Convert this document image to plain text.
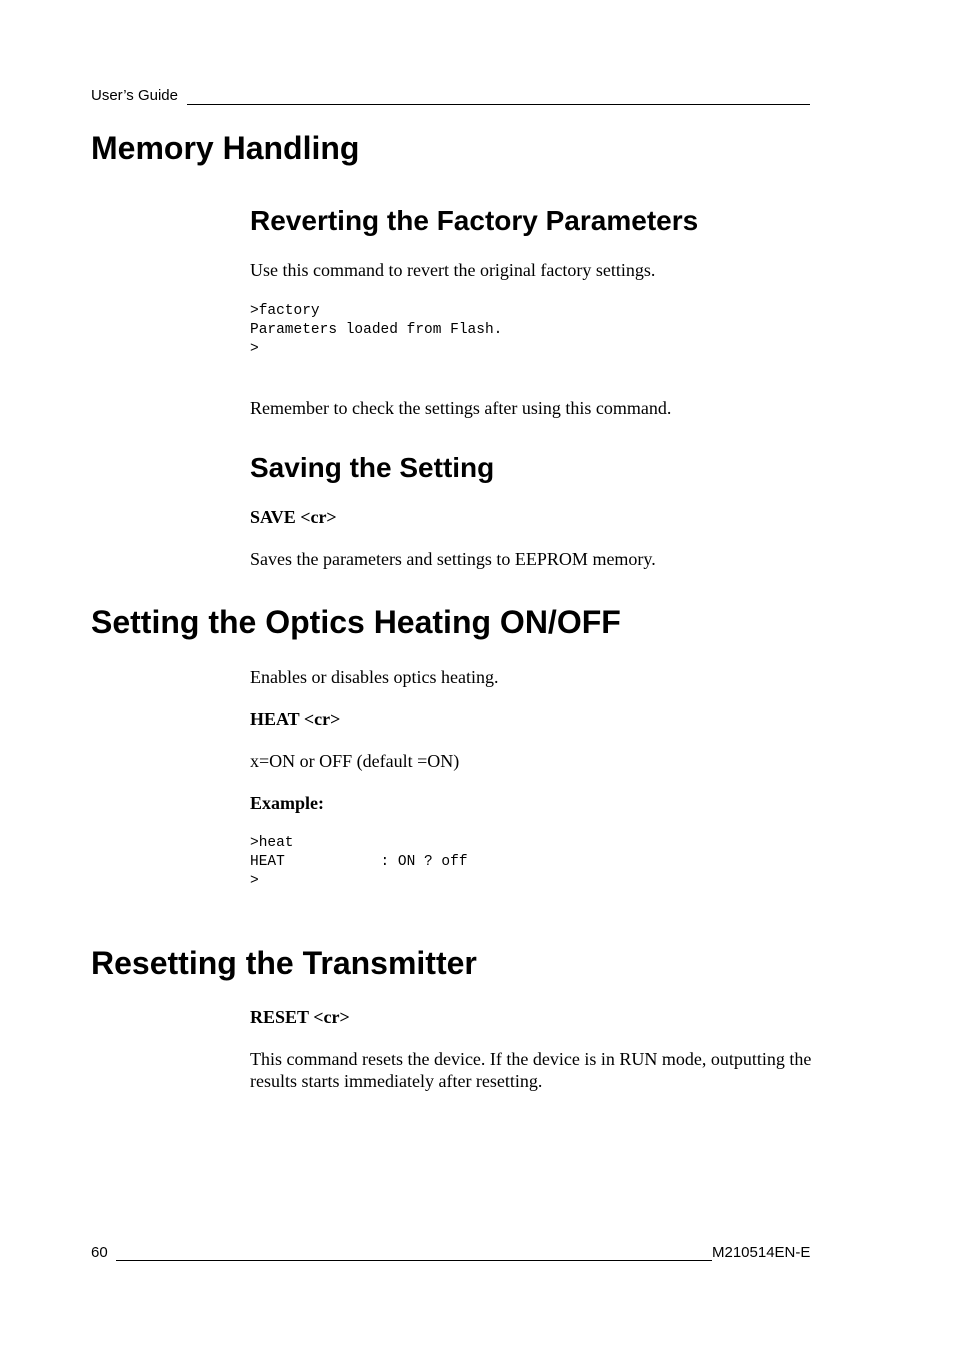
User’s Guide
Memory Handling
Reverting the Factory Parameters

Use this command to revert the original factory settings.

>factory
Parameters loaded from Flash.
>

Remember to check the settings after using this command.

Saving the Setting

SAVE <cr>

Saves the parameters and settings to EEPROM memory.

Setting the Optics Heating ON/OFF

Enables or disables optics heating.

HEAT <cr>

x=ON or OFF (default =ON)

Example:

>heat
HEAT           : ON ? off
>
Resetting the Transmitter

RESET <cr>

This command resets the device. If the device is in RUN mode, outputting the results starts immediately after resetting.

60	M210514EN-E
